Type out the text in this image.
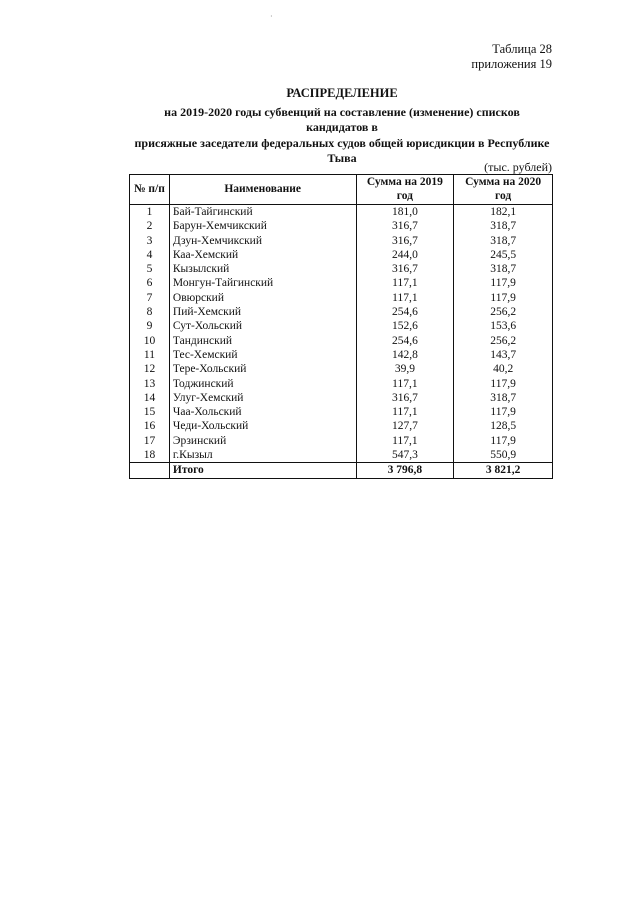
·
Таблица 28
приложения 19
РАСПРЕДЕЛЕНИЕ
на 2019-2020 годы субвенций на составление (изменение) списков кандидатов в
присяжные заседатели федеральных судов общей юрисдикции в Республике
Тыва
(тыс. рублей)
№ п/п	Наименование	Сумма на 2019 год	Сумма на 2020 год
1	Бай-Тайгинский	181,0	182,1
2	Барун-Хемчикский	316,7	318,7
3	Дзун-Хемчикский	316,7	318,7
4	Каа-Хемский	244,0	245,5
5	Кызылский	316,7	318,7
6	Монгун-Тайгинский	117,1	117,9
7	Овюрский	117,1	117,9
8	Пий-Хемский	254,6	256,2
9	Сут-Хольский	152,6	153,6
10	Тандинский	254,6	256,2
11	Тес-Хемский	142,8	143,7
12	Тере-Хольский	39,9	40,2
13	Тоджинский	117,1	117,9
14	Улуг-Хемский	316,7	318,7
15	Чаа-Хольский	117,1	117,9
16	Чеди-Хольский	127,7	128,5
17	Эрзинский	117,1	117,9
18	г.Кызыл	547,3	550,9
	Итого	3 796,8	3 821,2
